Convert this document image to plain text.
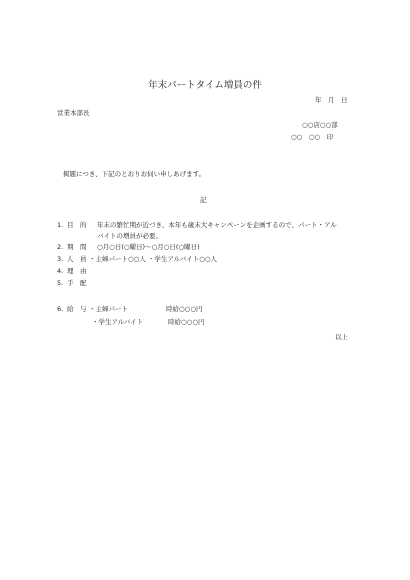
年末パートタイム増員の件
年　月　日
営業本部長
○○店○○部
○○　○○　印
掲題につき、下記のとおりお伺い申しあげます。
記
1. 目　的 年末の繁忙期が近づき、本年も歳末大キャンペーンを企画するので、パート・アル
バイトの増員が必要。
2. 期　間 ○月○日(○曜日)～○月○日(○曜日)
3. 人　員 ・主婦パート○○人 ・学生アルバイト○○人
4. 理　由
5. 手　配
6. 給　与 ・主婦パート	時給○○○円
・学生アルバイト	時給○○○円
以上
